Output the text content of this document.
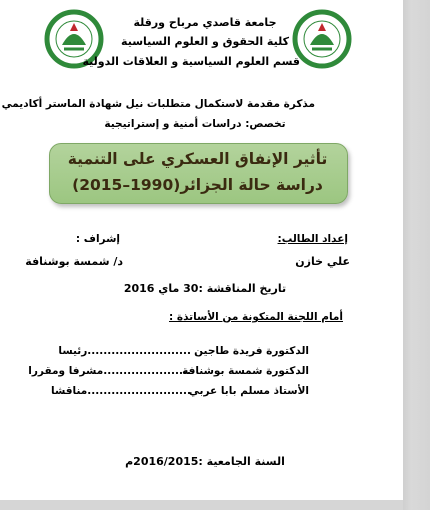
جامعة قاصدي مرباح ورقلة
كلية الحقوق و العلوم السياسية
قسم العلوم السياسية و العلاقات الدولية
مذكرة مقدمة لاستكمال متطلبات نيل شهادة الماستر أكاديمي
تخصص: دراسات أمنية و إستراتيجية
تأثير الإنفاق العسكري على التنمية
دراسة حالة الجزائر(1990–2015)
إعداد الطالب:
إشراف :
علي خازن
د/ شمسة بوشنافة
تاريخ المناقشة :30 ماي 2016
أمام اللجنة المتكونة من الأساتذة :
الدكتورة فريدة طاجين
..........................رئيسا
الدكتورة شمسة بوشنافة
......................مشرفا ومقررا
الأستاذ مسلم بابا عربي
..........................مناقشا
السنة الجامعية :2016/2015م
